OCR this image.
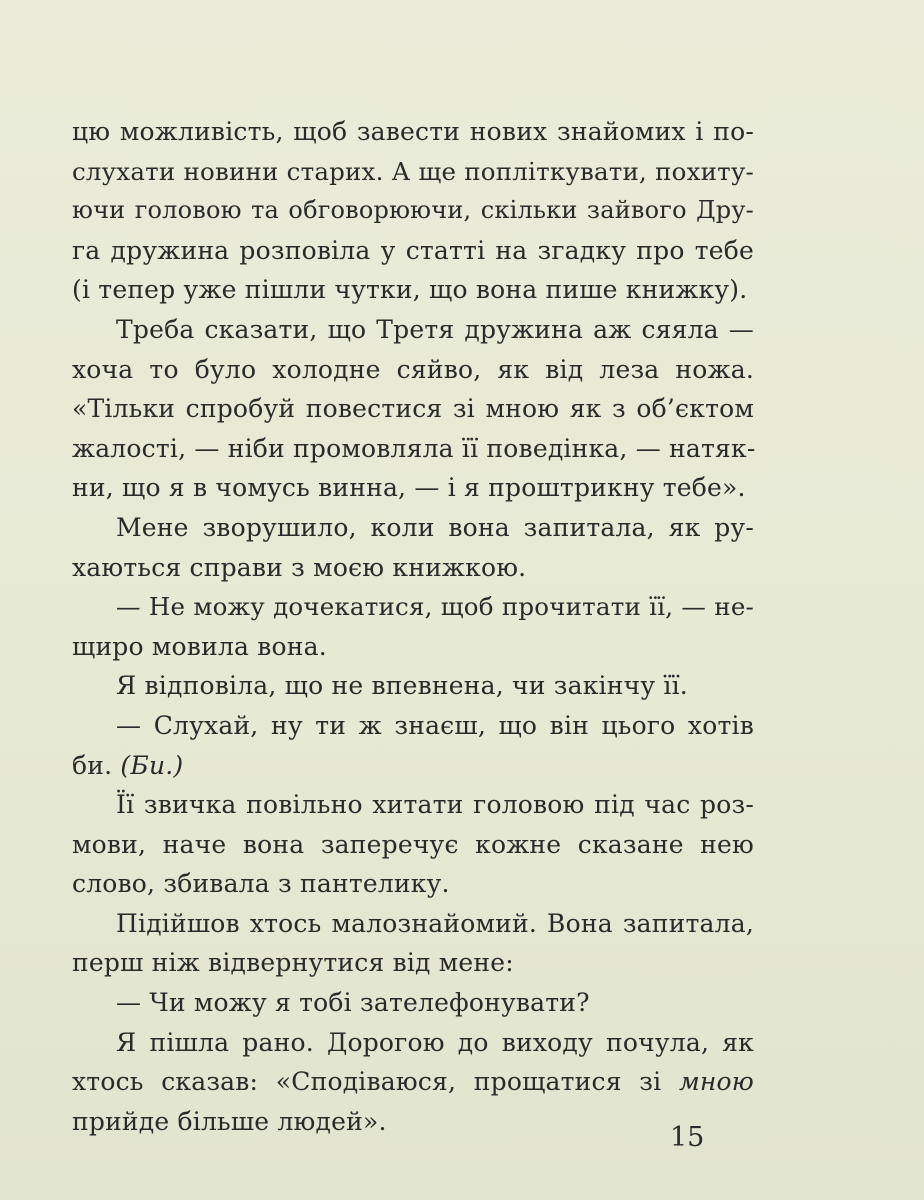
цю можливість, щоб завести нових знайомих і по-
слухати новини старих. А ще попліткувати, похиту-
ючи головою та обговорюючи, скільки зайвого Дру-
га дружина розповіла у статті на згадку про тебе
(і тепер уже пішли чутки, що вона пише книжку).
Треба сказати, що Третя дружина аж сяяла —
хоча то було холодне сяйво, як від леза ножа.
«Тільки спробуй повестися зі мною як з об’єктом
жалості, — ніби промовляла її поведінка, — натяк-
ни, що я в чомусь винна, — і я проштрикну тебе».
Мене зворушило, коли вона запитала, як ру-
хаються справи з моєю книжкою.
— Не можу дочекатися, щоб прочитати її, — не-
щиро мовила вона.
Я відповіла, що не впевнена, чи закінчу її.
— Слухай, ну ти ж знаєш, що він цього хотів
би. (Би.)
Її звичка повільно хитати головою під час роз-
мови, наче вона заперечує кожне сказане нею
слово, збивала з пантелику.
Підійшов хтось малознайомий. Вона запитала,
перш ніж відвернутися від мене:
— Чи можу я тобі зателефонувати?
Я пішла рано. Дорогою до виходу почула, як
хтось сказав: «Сподіваюся, прощатися зі мною
прийде більше людей».
15
